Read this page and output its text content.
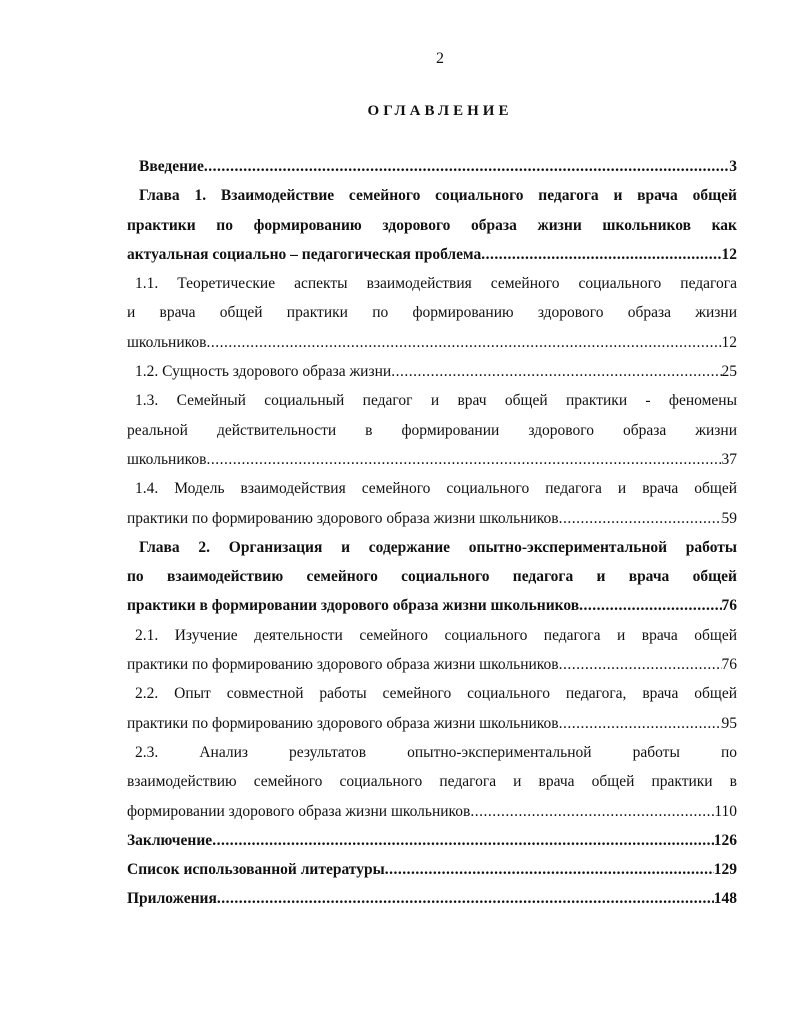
2
ОГЛАВЛЕНИЕ
Введение .....	3
Глава 1. Взаимодействие семейного социального педагога и врача общей
практики по формированию здорового образа жизни школьников как
актуальная социально – педагогическая проблема .....	12
1.1. Теоретические аспекты взаимодействия семейного социального педагога
и врача общей практики по формированию здорового образа жизни
школьников .....	12
1.2. Сущность здорового образа жизни .....	25
1.3. Семейный социальный педагог и врач общей практики - феномены
реальной действительности в формировании здорового образа жизни
школьников .....	37
1.4. Модель взаимодействия семейного социального педагога и врача общей
практики по формированию здорового образа жизни школьников .....	59
Глава 2. Организация и содержание опытно-экспериментальной работы
по взаимодействию семейного социального педагога и врача общей
практики в формировании здорового образа жизни школьников .....	76
2.1. Изучение деятельности семейного социального педагога и врача общей
практики по формированию здорового образа жизни школьников .....	76
2.2. Опыт совместной работы семейного социального педагога, врача общей
практики по формированию здорового образа жизни школьников .....	95
2.3. Анализ результатов опытно-экспериментальной работы по
взаимодействию семейного социального педагога и врача общей практики в
формировании здорового образа жизни школьников .....	110
Заключение .....	126
Список использованной литературы .....	129
Приложения .....	148
